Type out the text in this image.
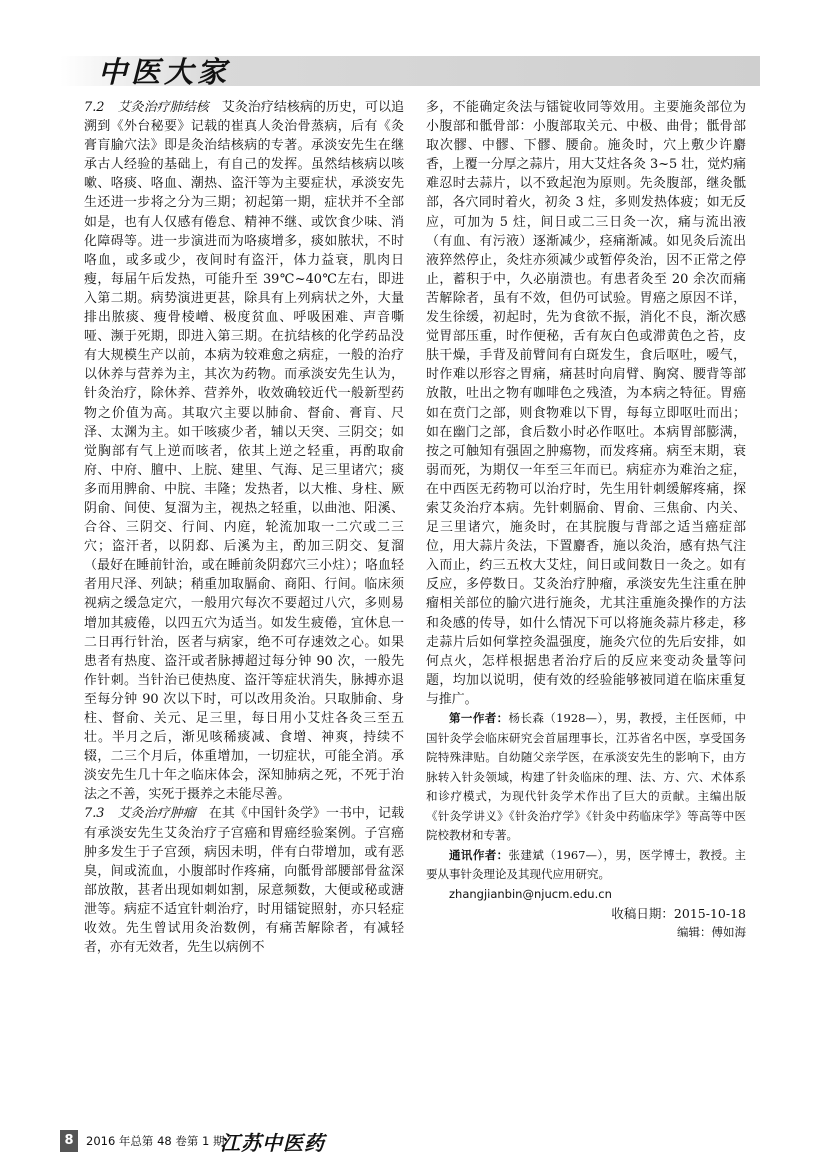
中医大家

7.2　艾灸治疗肺结核　艾灸治疗结核病的历史，可以追溯到《外台秘要》记载的崔真人灸治骨蒸病，后有《灸膏肓腧穴法》即是灸治结核病的专著。承淡安先生在继承古人经验的基础上，有自己的发挥。虽然结核病以咳嗽、咯痰、咯血、潮热、盗汗等为主要症状，承淡安先生还进一步将之分为三期；初起第一期，症状并不全部如是，也有人仅感有倦怠、精神不继、或饮食少味、消化障碍等。进一步演进而为咯痰增多，痰如脓状，不时咯血，或多或少，夜间时有盗汗，体力益衰，肌肉日瘦，每届午后发热，可能升至 39℃~40℃左右，即进入第二期。病势演进更甚，除具有上列病状之外，大量排出脓痰、瘦骨棱嶒、极度贫血、呼吸困难、声音嘶哑、濒于死期，即进入第三期。在抗结核的化学药品没有大规模生产以前，本病为较难愈之病症，一般的治疗以休养与营养为主，其次为药物。而承淡安先生认为，针灸治疗，除休养、营养外，收效确较近代一般新型药物之价值为高。其取穴主要以肺俞、督俞、膏肓、尺泽、太渊为主。如干咳痰少者，辅以天突、三阴交；如觉胸部有气上逆而咳者，依其上逆之轻重，再酌取俞府、中府、膻中、上脘、建里、气海、足三里诸穴；痰多而用脾俞、中脘、丰隆；发热者，以大椎、身柱、厥阴俞、间使、复溜为主，视热之轻重，以曲池、阳溪、合谷、三阴交、行间、内庭，轮流加取一二穴或二三穴；盗汗者，以阴郄、后溪为主，酌加三阴交、复溜（最好在睡前针治，或在睡前灸阴郄穴三小炷）；咯血轻者用尺泽、列缺；稍重加取膈俞、商阳、行间。临床须视病之缓急定穴，一般用穴每次不要超过八穴，多则易增加其疲倦，以四五穴为适当。如发生疲倦，宜休息一二日再行针治，医者与病家，绝不可存速效之心。如果患者有热度、盗汗或者脉搏超过每分钟 90 次，一般先作针刺。当针治已使热度、盗汗等症状消失，脉搏亦退至每分钟 90 次以下时，可以改用灸治。只取肺俞、身柱、督俞、关元、足三里，每日用小艾炷各灸三至五壮。半月之后，渐见咳稀痰减、食增、神爽，持续不辍，二三个月后，体重增加，一切症状，可能全消。承淡安先生几十年之临床体会，深知肺病之死，不死于治法之不善，实死于摄养之未能尽善。

7.3　艾灸治疗肿瘤　在其《中国针灸学》一书中，记载有承淡安先生艾灸治疗子宫癌和胃癌经验案例。子宫癌肿多发生于子宫颈，病因未明，伴有白带增加，或有恶臭，间或流血，小腹部时作疼痛，向骶骨部腰部骨盆深部放散，甚者出现如刺如割，尿意频数，大便或秘或溏泄等。病症不适宜针刺治疗，时用镭锭照射，亦只轻症收效。先生曾试用灸治数例，有痛苦解除者，有减轻者，亦有无效者，先生以病例不

多，不能确定灸法与镭锭收同等效用。主要施灸部位为小腹部和骶骨部：小腹部取关元、中极、曲骨；骶骨部取次髎、中髎、下髎、腰俞。施灸时，穴上敷少许麝香，上覆一分厚之蒜片，用大艾炷各灸 3~5 壮，觉灼痛难忍时去蒜片，以不致起泡为原则。先灸腹部，继灸骶部，各穴同时着火，初灸 3 炷，多则发热体疲；如无反应，可加为 5 炷，间日或二三日灸一次，痛与流出液（有血、有污液）逐渐减少，痉痛渐减。如见灸后流出液猝然停止，灸炷亦须减少或暂停灸治，因不正常之停止，蓄积于中，久必崩溃也。有患者灸至 20 余次而痛苦解除者，虽有不效，但仍可试验。胃癌之原因不详，发生徐缓，初起时，先为食欲不振，消化不良，渐次感觉胃部压重，时作便秘，舌有灰白色或滞黄色之苔，皮肤干燥，手背及前臂间有白斑发生，食后呕吐，嗳气，时作难以形容之胃痛，痛甚时向肩臂、胸窝、腰背等部放散，吐出之物有咖啡色之残渣，为本病之特征。胃癌如在贲门之部，则食物难以下胃，每每立即呕吐而出；如在幽门之部，食后数小时必作呕吐。本病胃部膨满，按之可触知有强固之肿瘍物，而发疼痛。病至末期，衰弱而死，为期仅一年至三年而已。病症亦为难治之症，在中西医无药物可以治疗时，先生用针刺缓解疼痛，探索艾灸治疗本病。先针刺膈俞、胃俞、三焦俞、内关、足三里诸穴，施灸时，在其脘腹与背部之适当癌症部位，用大蒜片灸法，下置麝香，施以灸治，感有热气注入而止，约三五枚大艾炷，间日或间数日一灸之。如有反应，多停数日。艾灸治疗肿瘤，承淡安先生注重在肿瘤相关部位的腧穴进行施灸，尤其注重施灸操作的方法和灸感的传导，如什么情况下可以将施灸蒜片移走，移走蒜片后如何掌控灸温强度，施灸穴位的先后安排，如何点火，怎样根据患者治疗后的反应来变动灸量等问题，均加以说明，使有效的经验能够被同道在临床重复与推广。

第一作者：杨长森（1928—），男，教授，主任医师，中国针灸学会临床研究会首届理事长，江苏省名中医，享受国务院特殊津贴。自幼随父亲学医，在承淡安先生的影响下，由方脉转入针灸领域，构建了针灸临床的理、法、方、穴、术体系和诊疗模式，为现代针灸学术作出了巨大的贡献。主编出版《针灸学讲义》《针灸治疗学》《针灸中药临床学》等高等中医院校教材和专著。

通讯作者：张建斌（1967—），男，医学博士，教授。主要从事针灸理论及其现代应用研究。

zhangjianbin@njucm.edu.cn

收稿日期：2015-10-18

编辑：傅如海

8	2016 年总第 48 卷第 1 期
江苏中医药
